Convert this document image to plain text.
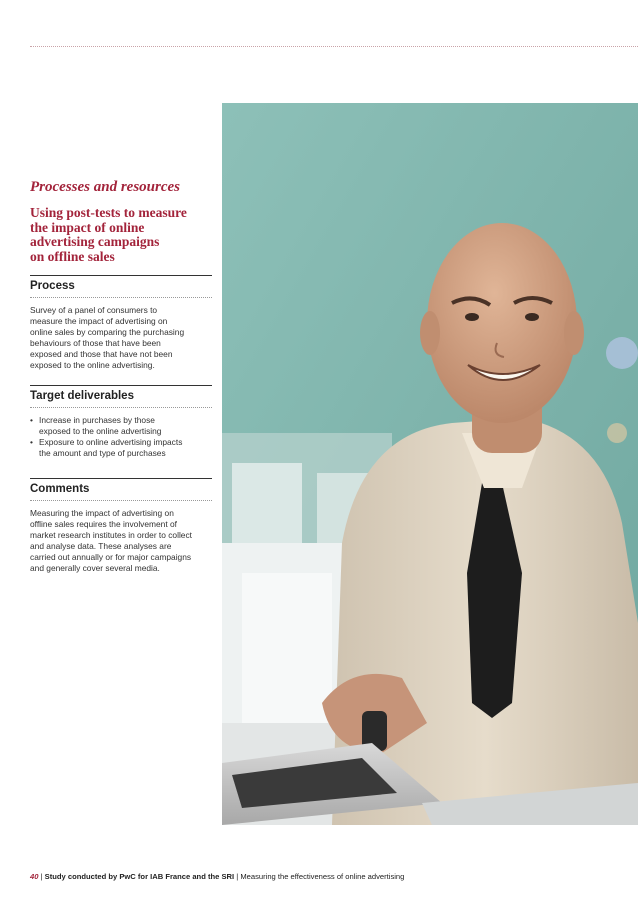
Processes and resources
Using post-tests to measure
the impact of online
advertising campaigns
on offline sales
Process

Survey of a panel of consumers to
measure the impact of advertising on
online sales by comparing the purchasing
behaviours of those that have been
exposed and those that have not been
exposed to the online advertising.

Target deliverables
• Increase in purchases by those
exposed to the online advertising
• Exposure to online advertising impacts
the amount and type of purchases
Comments

Measuring the impact of advertising on
offline sales requires the involvement of
market research institutes in order to collect
and analyse data. These analyses are
carried out annually or for major campaigns
and generally cover several media.

40 | Study conducted by PwC for IAB France and the SRI | Measuring the effectiveness of online advertising
